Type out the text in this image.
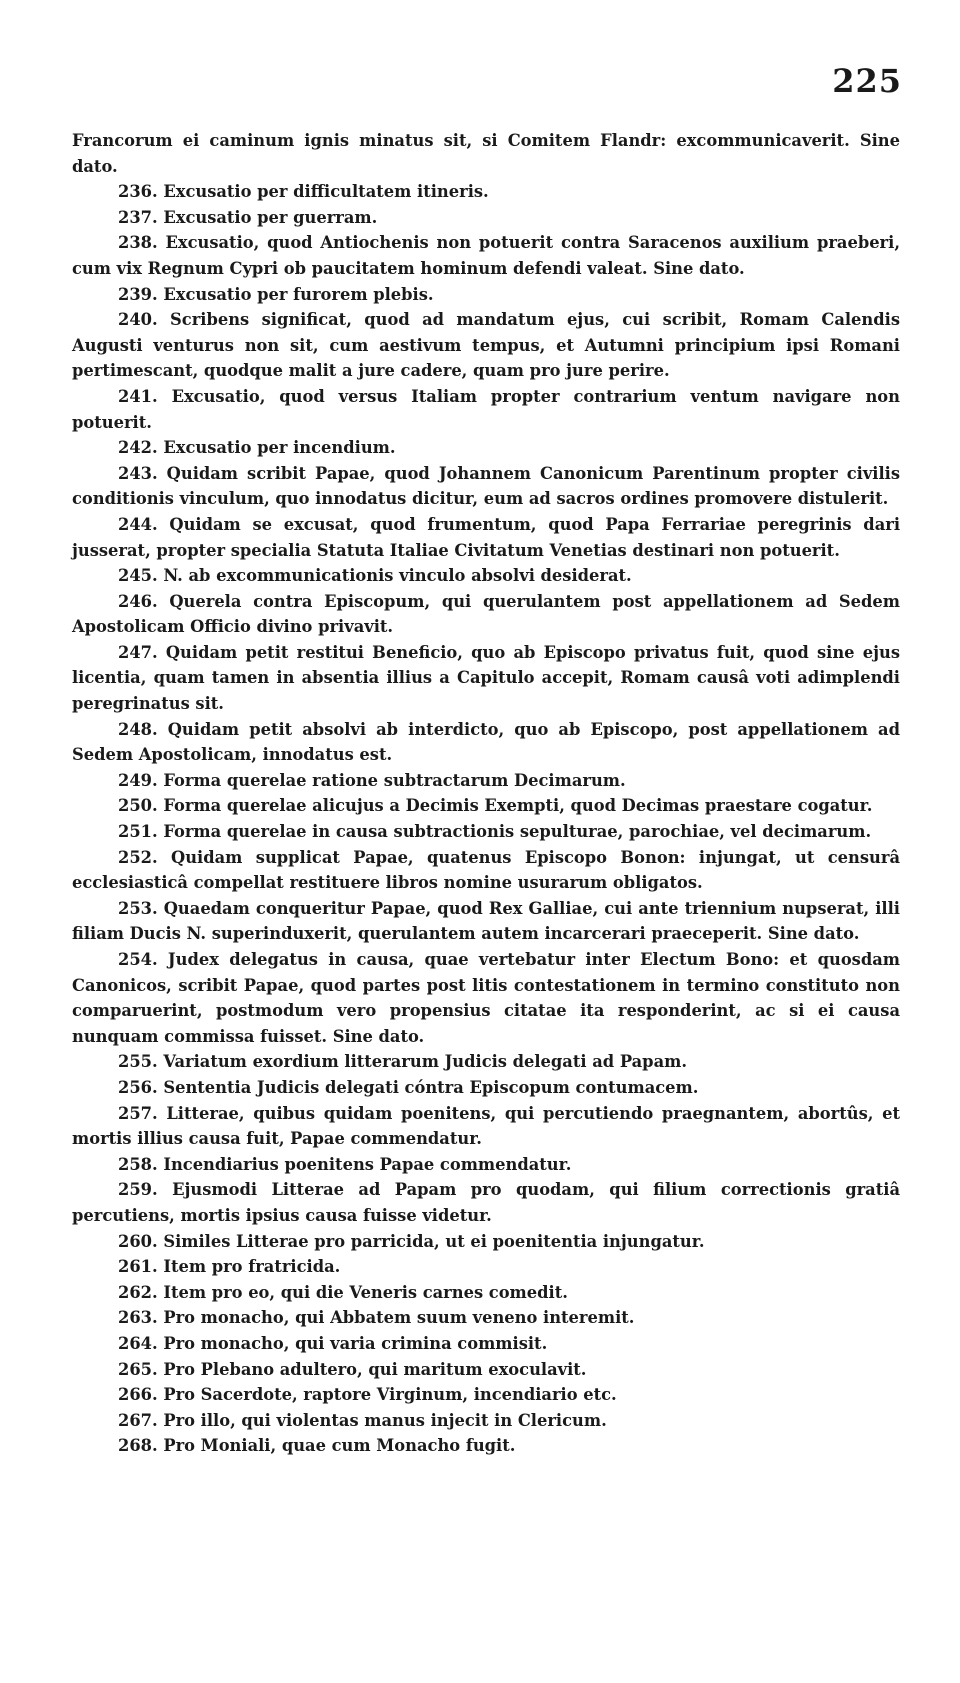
225

Francorum ei caminum ignis minatus sit, si Comitem Flandr: excommunicaverit. Sine dato.

236. Excusatio per difficultatem itineris.

237. Excusatio per guerram.

238. Excusatio, quod Antiochenis non potuerit contra Saracenos auxilium praeberi, cum vix Regnum Cypri ob paucitatem hominum defendi valeat. Sine dato.

239. Excusatio per furorem plebis.

240. Scribens significat, quod ad mandatum ejus, cui scribit, Romam Calendis Augusti venturus non sit, cum aestivum tempus, et Autumni principium ipsi Romani pertimescant, quodque malit a jure cadere, quam pro jure perire.

241. Excusatio, quod versus Italiam propter contrarium ventum navigare non potuerit.

242. Excusatio per incendium.

243. Quidam scribit Papae, quod Johannem Canonicum Parentinum propter civilis conditionis vinculum, quo innodatus dicitur, eum ad sacros ordines promovere distulerit.

244. Quidam se excusat, quod frumentum, quod Papa Ferrariae peregrinis dari jusserat, propter specialia Statuta Italiae Civitatum Venetias destinari non potuerit.

245. N. ab excommunicationis vinculo absolvi desiderat.

246. Querela contra Episcopum, qui querulantem post appellationem ad Sedem Apostolicam Officio divino privavit.

247. Quidam petit restitui Beneficio, quo ab Episcopo privatus fuit, quod sine ejus licentia, quam tamen in absentia illius a Capitulo accepit, Romam causâ voti adimplendi peregrinatus sit.

248. Quidam petit absolvi ab interdicto, quo ab Episcopo, post appellationem ad Sedem Apostolicam, innodatus est.

249. Forma querelae ratione subtractarum Decimarum.

250. Forma querelae alicujus a Decimis Exempti, quod Decimas praestare cogatur.

251. Forma querelae in causa subtractionis sepulturae, parochiae, vel decimarum.

252. Quidam supplicat Papae, quatenus Episcopo Bonon: injungat, ut censurâ ecclesiasticâ compellat restituere libros nomine usurarum obligatos.

253. Quaedam conqueritur Papae, quod Rex Galliae, cui ante triennium nupserat, illi filiam Ducis N. superinduxerit, querulantem autem incarcerari praeceperit. Sine dato.

254. Judex delegatus in causa, quae vertebatur inter Electum Bono: et quosdam Canonicos, scribit Papae, quod partes post litis contestationem in termino constituto non comparuerint, postmodum vero propensius citatae ita responderint, ac si ei causa nunquam commissa fuisset. Sine dato.

255. Variatum exordium litterarum Judicis delegati ad Papam.

256. Sententia Judicis delegati cóntra Episcopum contumacem.

257. Litterae, quibus quidam poenitens, qui percutiendo praegnantem, abortûs, et mortis illius causa fuit, Papae commendatur.

258. Incendiarius poenitens Papae commendatur.

259. Ejusmodi Litterae ad Papam pro quodam, qui filium correctionis gratiâ percutiens, mortis ipsius causa fuisse videtur.

260. Similes Litterae pro parricida, ut ei poenitentia injungatur.

261. Item pro fratricida.

262. Item pro eo, qui die Veneris carnes comedit.

263. Pro monacho, qui Abbatem suum veneno interemit.

264. Pro monacho, qui varia crimina commisit.

265. Pro Plebano adultero, qui maritum exoculavit.

266. Pro Sacerdote, raptore Virginum, incendiario etc.

267. Pro illo, qui violentas manus injecit in Clericum.

268. Pro Moniali, quae cum Monacho fugit.
